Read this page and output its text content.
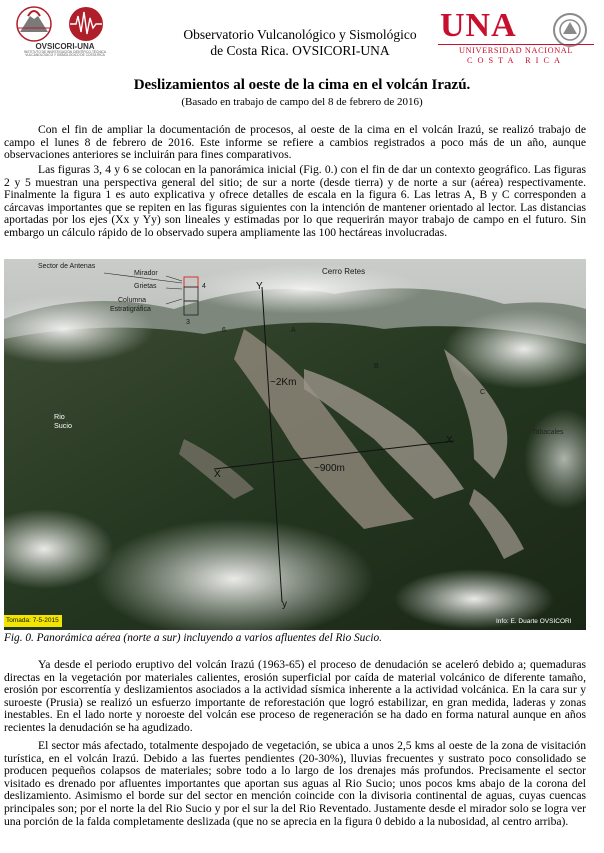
OVSICORI-UNA
INSTITUTO DE INVESTIGACIÓN CIENTÍFICO-TÉCNICA
VULCANOLÓGICO Y SISMOLÓGICO DE COSTA RICA
Observatorio Vulcanológico y Sismológico
de Costa Rica. OVSICORI-UNA
UNA
UNIVERSIDAD NACIONAL
COSTA RICA
Deslizamientos al oeste de la cima en el volcán Irazú.
(Basado en trabajo de campo del 8 de febrero de 2016)
Con el fin de ampliar la documentación de procesos, al oeste de la cima en el volcán Irazú, se realizó trabajo de campo el lunes 8 de febrero de 2016. Este informe se refiere a cambios registrados a poco más de un año, aunque observaciones anteriores se incluirán para fines comparativos.
Las figuras 3, 4 y 6 se colocan en la panorámica inicial (Fig. 0.) con el fin de dar un contexto geográfico. Las figuras 2 y 5 muestran una perspectiva general del sitio; de sur a norte (desde tierra) y de norte a sur (aérea) respectivamente. Finalmente la figura 1 es auto explicativa y ofrece detalles de escala en la figura 6. Las letras A, B y C corresponden a cárcavas importantes que se repiten en las figuras siguientes con la intención de mantener orientado al lector. Las distancias aportadas por los ejes (Xx y Yy) son lineales y estimadas por lo que requerirán mayor trabajo de campo en el futuro. Sin embargo un cálculo rápido de lo observado supera ampliamente las 100 hectáreas involucradas.
Sector de Antenas
Mirador
Grietas
Columna
Estratigráfica
4
3
6
Cerro Retes
Rio
Sucio
Tabacales
A
B
C
Y
y
X
X
~2Km
~900m
Tomada: 7-5-2015	Info: E. Duarte OVSICORI
Fig. 0. Panorámica aérea (norte a sur) incluyendo a varios afluentes del Rio Sucio.
Ya desde el periodo eruptivo del volcán Irazú (1963-65) el proceso de denudación se aceleró debido a; quemaduras directas en la vegetación por materiales calientes, erosión superficial por caída de material volcánico de diferente tamaño, erosión por escorrentía y deslizamientos asociados a la actividad sísmica inherente a la actividad volcánica. En la cara sur y suroeste (Prusia) se realizó un esfuerzo importante de reforestación que logró estabilizar, en gran medida, laderas y zonas inestables. En el lado norte y noroeste del volcán ese proceso de regeneración se ha dado en forma natural aunque en años recientes la denudación se ha agudizado.
El sector más afectado, totalmente despojado de vegetación, se ubica a unos 2,5 kms al oeste de la zona de visitación turística, en el volcán Irazú. Debido a las fuertes pendientes (20-30%), lluvias frecuentes y sustrato poco consolidado se producen pequeños colapsos de materiales; sobre todo a lo largo de los drenajes más profundos. Precisamente el sector visitado es drenado por afluentes importantes que aportan sus aguas al Rio Sucio; unos pocos kms abajo de la corona del deslizamiento. Asimismo el borde sur del sector en mención coincide con la divisoria continental de aguas, cuyas cuencas principales son; por el norte la del Rio Sucio y por el sur la del Rio Reventado. Justamente desde el mirador solo se logra ver una porción de la falda completamente deslizada (que no se aprecia en la figura 0 debido a la nubosidad, al centro arriba).
